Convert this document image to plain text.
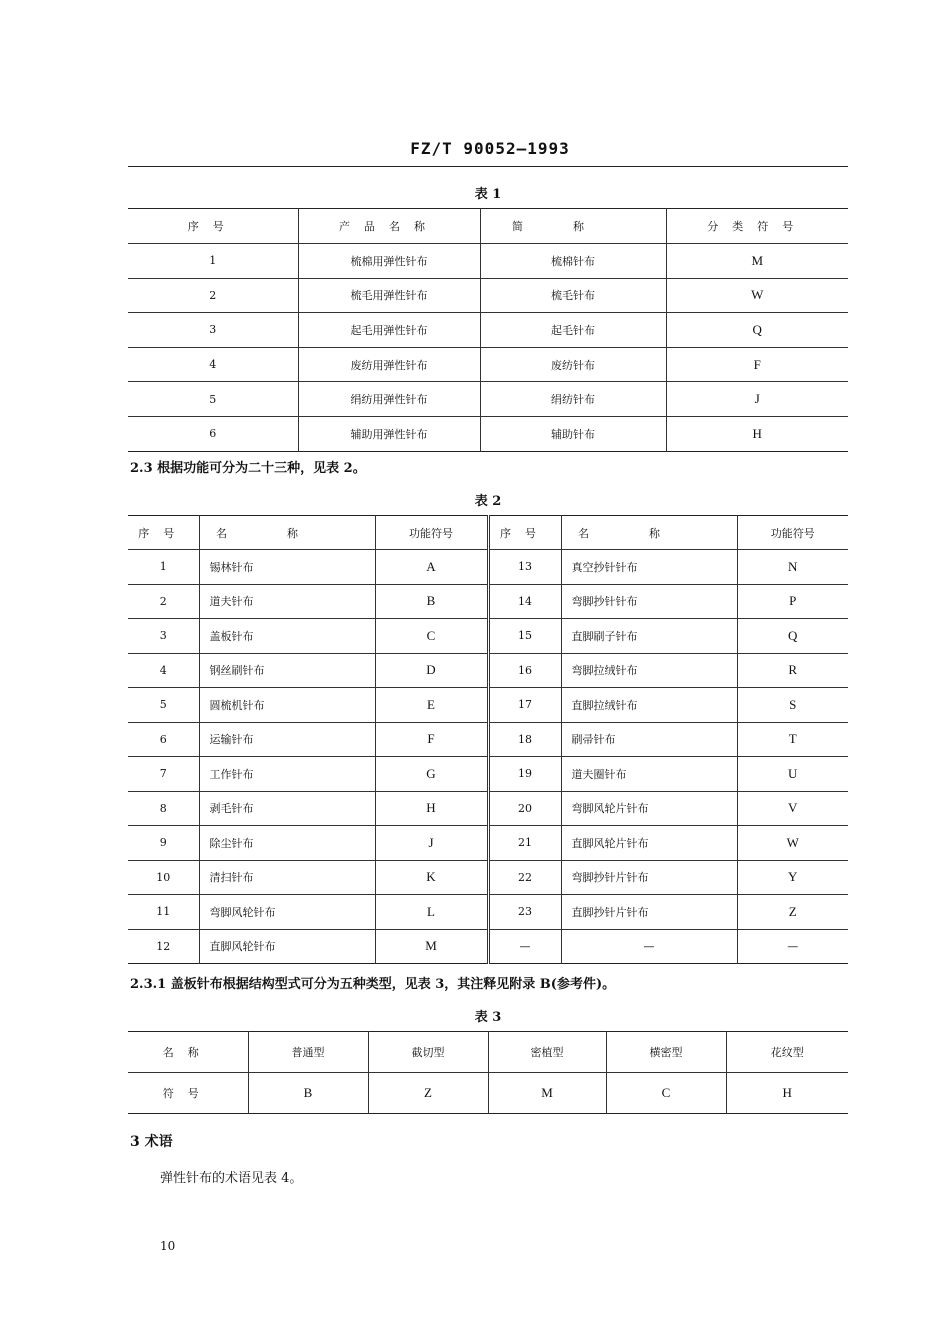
FZ/T 90052—1993
表 1
序号	产品名称	简称	分类符号
1	梳棉用弹性针布	梳棉针布	M
2	梳毛用弹性针布	梳毛针布	W
3	起毛用弹性针布	起毛针布	Q
4	废纺用弹性针布	废纺针布	F
5	绢纺用弹性针布	绢纺针布	J
6	辅助用弹性针布	辅助针布	H
2.3 根据功能可分为二十三种，见表 2。
表 2
序号	名称	功能符号	序号	名称	功能符号
1	锡林针布	A	13	真空抄针针布	N
2	道夫针布	B	14	弯脚抄针针布	P
3	盖板针布	C	15	直脚刷子针布	Q
4	钢丝刷针布	D	16	弯脚拉绒针布	R
5	圆梳机针布	E	17	直脚拉绒针布	S
6	运输针布	F	18	刷帚针布	T
7	工作针布	G	19	道夫圈针布	U
8	剥毛针布	H	20	弯脚风轮片针布	V
9	除尘针布	J	21	直脚风轮片针布	W
10	清扫针布	K	22	弯脚抄针片针布	Y
11	弯脚风轮针布	L	23	直脚抄针片针布	Z
12	直脚风轮针布	M	—	—	—
2.3.1 盖板针布根据结构型式可分为五种类型，见表 3，其注释见附录 B(参考件)。
表 3
名称	普通型	截切型	密植型	横密型	花纹型
符号	B	Z	M	C	H
3 术语
弹性针布的术语见表 4。
10
